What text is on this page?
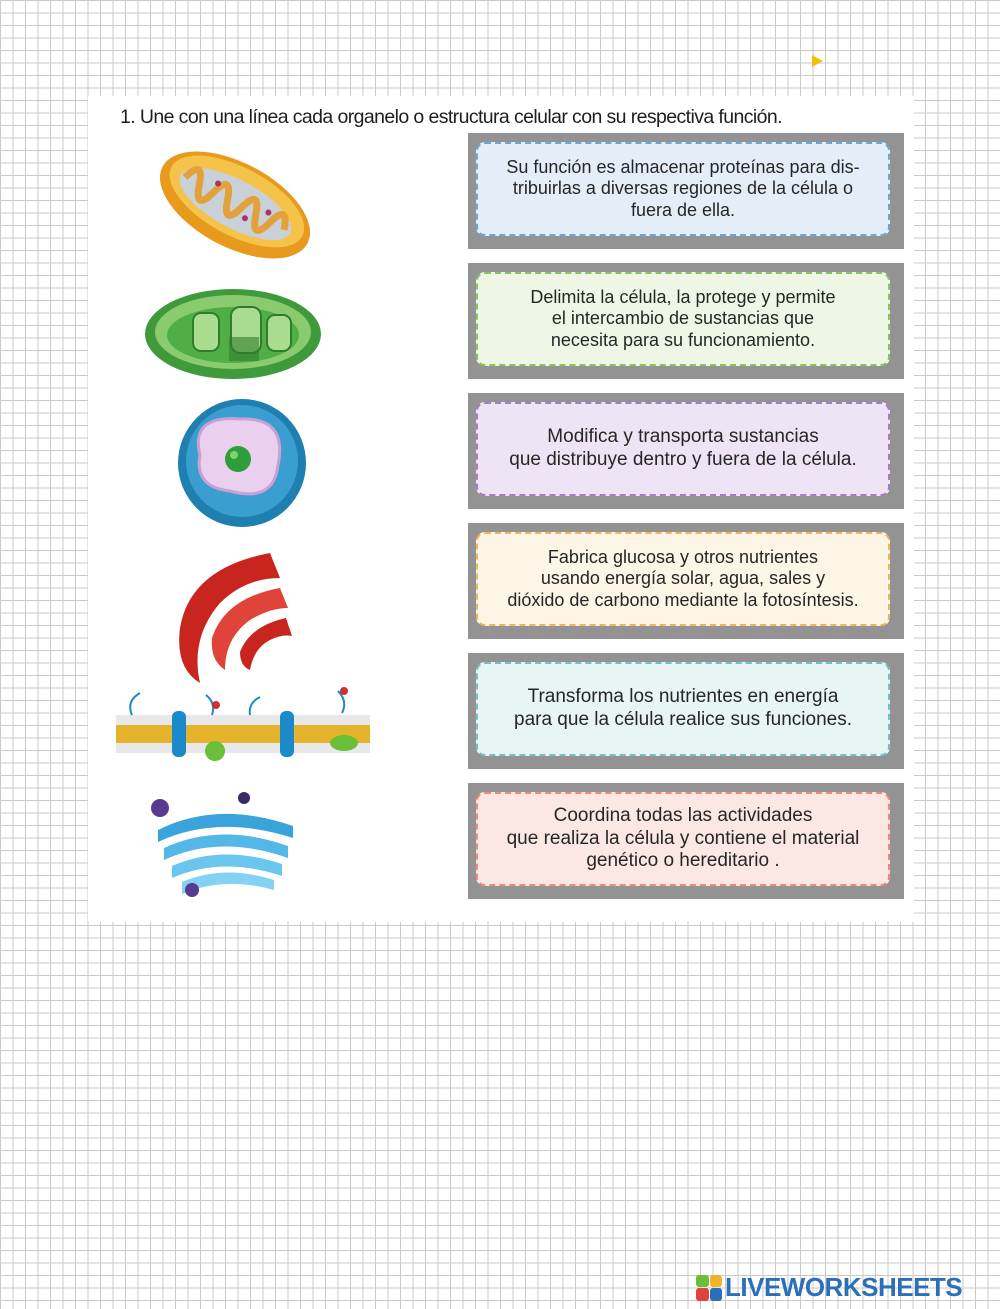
1. Une con una línea cada organelo o estructura celular con su respectiva función.
Su función es almacenar proteínas para dis-
tribuirlas a diversas regiones de la célula o
fuera de ella.
Delimita la célula, la protege y permite
el intercambio de sustancias que
necesita para su funcionamiento.
Modifica y transporta sustancias
que distribuye dentro y fuera de la célula.
Fabrica glucosa y otros nutrientes
usando energía solar, agua, sales y
dióxido de carbono mediante la fotosíntesis.
Transforma los nutrientes en energía
para que la célula realice sus funciones.
Coordina todas las actividades
que realiza la célula y contiene el material
genético o hereditario .
LIVEWORKSHEETS
